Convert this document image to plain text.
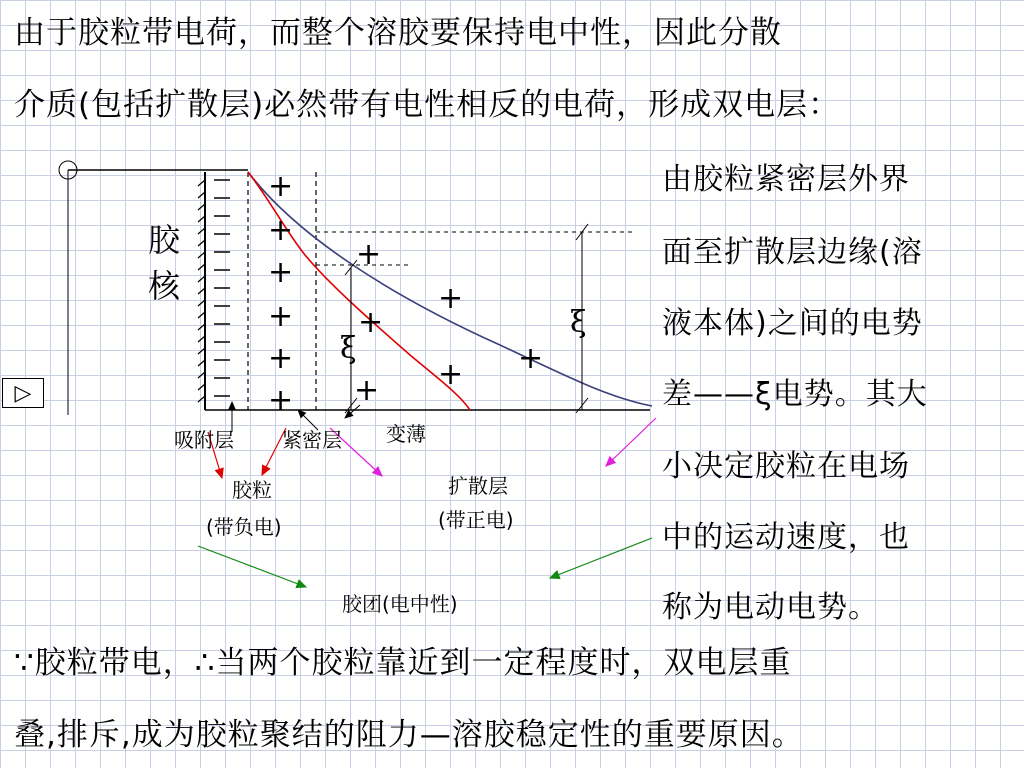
由于胶粒带电荷，而整个溶胶要保持电中性，因此分散
介质(包括扩散层)必然带有电性相反的电荷，形成双电层：
由胶粒紧密层外界
面至扩散层边缘(溶
液本体)之间的电势
差——ξ电势。其大
小决定胶粒在电场
中的运动速度，也
称为电动电势。
ξ
ξ
+
+
+
+
+
+
+
+
+
+
+
+
胶
核
吸附层 紧密层 变薄
胶粒
(带负电)
扩散层
(带正电)
胶团(电中性)
▷
∵胶粒带电，∴当两个胶粒靠近到一定程度时，双电层重
叠,排斥,成为胶粒聚结的阻力—溶胶稳定性的重要原因。
